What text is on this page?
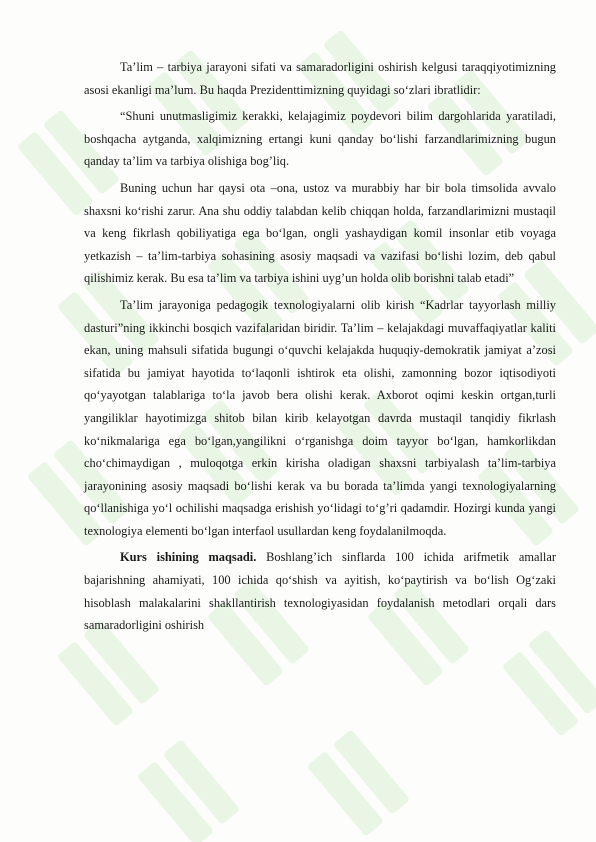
Ta’lim – tarbiya jarayoni sifati va samaradorligini oshirish kelgusi taraqqiyotimizning asosi ekanligi ma’lum. Bu haqda Prezidenttimizning quyidagi so‘zlari ibratlidir:

“Shuni unutmasligimiz kerakki, kelajagimiz poydevori bilim dargohlarida yaratiladi, boshqacha aytganda, xalqimizning ertangi kuni qanday bo‘lishi farzandlarimizning bugun qanday ta’lim va tarbiya olishiga bog’liq.

Buning uchun har qaysi ota –ona, ustoz va murabbiy har bir bola timsolida avvalo shaxsni ko‘rishi zarur. Ana shu oddiy talabdan kelib chiqqan holda, farzandlarimizni mustaqil va keng fikrlash qobiliyatiga ega bo‘lgan, ongli yashaydigan komil insonlar etib voyaga yetkazish – ta’lim-tarbiya sohasining asosiy maqsadi va vazifasi bo‘lishi lozim, deb qabul qilishimiz kerak. Bu esa ta’lim va tarbiya ishini uyg’un holda olib borishni talab etadi”

Ta’lim jarayoniga pedagogik texnologiyalarni olib kirish “Kadrlar tayyorlash milliy dasturi”ning ikkinchi bosqich vazifalaridan biridir. Ta’lim – kelajakdagi muvaffaqiyatlar kaliti ekan, uning mahsuli sifatida bugungi o‘quvchi kelajakda huquqiy-demokratik jamiyat a’zosi sifatida bu jamiyat hayotida to‘laqonli ishtirok eta olishi, zamonning bozor iqtisodiyoti qo‘yayotgan talablariga to‘la javob bera olishi kerak. Axborot oqimi keskin ortgan,turli yangiliklar hayotimizga shitob bilan kirib kelayotgan davrda mustaqil tanqidiy fikrlash ko‘nikmalariga ega bo‘lgan,yangilikni o‘rganishga doim tayyor bo‘lgan, hamkorlikdan cho‘chimaydigan , muloqotga erkin kirisha oladigan shaxsni tarbiyalash ta’lim-tarbiya jarayonining asosiy maqsadi bo‘lishi kerak va bu borada ta’limda yangi texnologiyalarning qo‘llanishiga yo‘l ochilishi maqsadga erishish yo‘lidagi to‘g’ri qadamdir. Hozirgi kunda yangi texnologiya elementi bo‘lgan interfaol usullardan keng foydalanilmoqda.

Kurs ishining maqsadi. Boshlang’ich sinflarda 100 ichida arifmetik amallar bajarishning ahamiyati, 100 ichida qo‘shish va ayitish, ko‘paytirish va bo‘lish Og‘zaki hisoblash malakalarini shakllantirish texnologiyasidan foydalanish metodlari orqali dars samaradorligini oshirish
